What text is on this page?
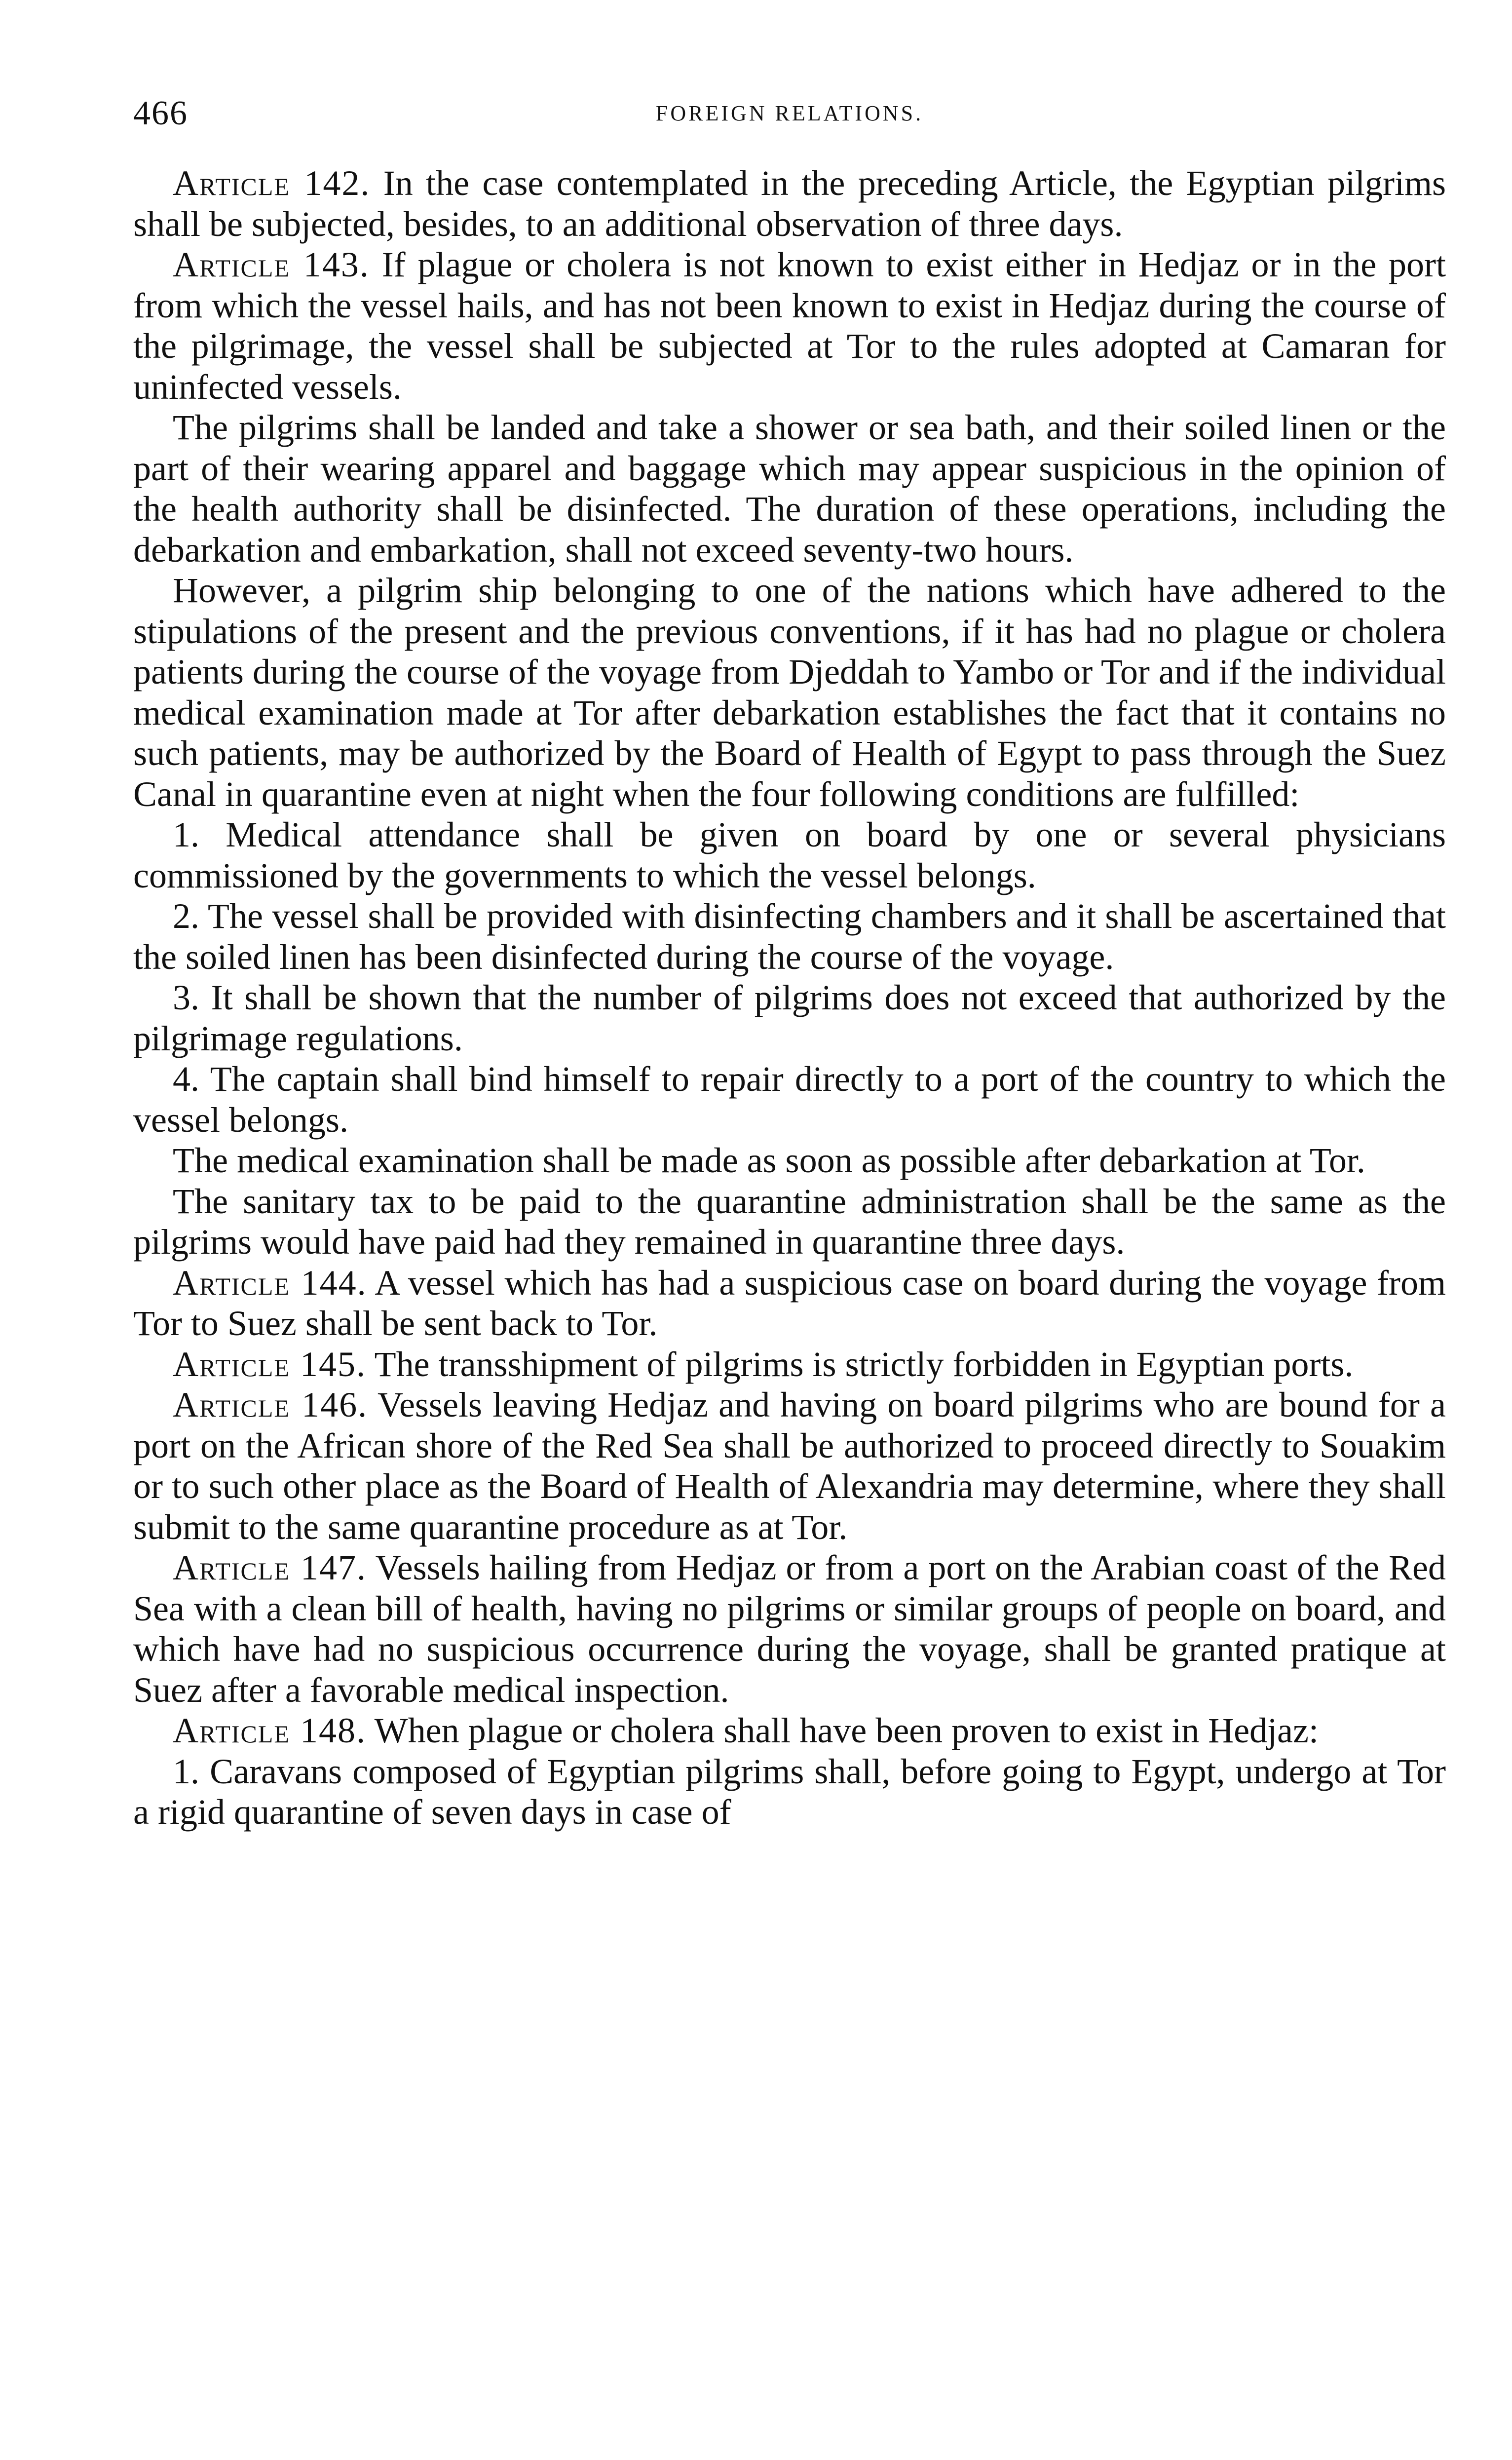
466	FOREIGN RELATIONS.

Article 142. In the case contemplated in the preceding Article, the Egyptian pilgrims shall be subjected, besides, to an additional observation of three days.

Article 143. If plague or cholera is not known to exist either in Hedjaz or in the port from which the vessel hails, and has not been known to exist in Hedjaz during the course of the pilgrimage, the vessel shall be subjected at Tor to the rules adopted at Camaran for uninfected vessels.

The pilgrims shall be landed and take a shower or sea bath, and their soiled linen or the part of their wearing apparel and baggage which may appear suspicious in the opinion of the health authority shall be disinfected. The duration of these operations, including the debarkation and embarkation, shall not exceed seventy-two hours.

However, a pilgrim ship belonging to one of the nations which have adhered to the stipulations of the present and the previous conventions, if it has had no plague or cholera patients during the course of the voyage from Djeddah to Yambo or Tor and if the individual medical examination made at Tor after debarkation establishes the fact that it contains no such patients, may be authorized by the Board of Health of Egypt to pass through the Suez Canal in quarantine even at night when the four following conditions are fulfilled:

1. Medical attendance shall be given on board by one or several physicians commissioned by the governments to which the vessel belongs.

2. The vessel shall be provided with disinfecting chambers and it shall be ascertained that the soiled linen has been disinfected during the course of the voyage.

3. It shall be shown that the number of pilgrims does not exceed that authorized by the pilgrimage regulations.

4. The captain shall bind himself to repair directly to a port of the country to which the vessel belongs.

The medical examination shall be made as soon as possible after debarkation at Tor.

The sanitary tax to be paid to the quarantine administration shall be the same as the pilgrims would have paid had they remained in quarantine three days.

Article 144. A vessel which has had a suspicious case on board during the voyage from Tor to Suez shall be sent back to Tor.

Article 145. The transshipment of pilgrims is strictly forbidden in Egyptian ports.

Article 146. Vessels leaving Hedjaz and having on board pilgrims who are bound for a port on the African shore of the Red Sea shall be authorized to proceed directly to Souakim or to such other place as the Board of Health of Alexandria may determine, where they shall submit to the same quarantine procedure as at Tor.

Article 147. Vessels hailing from Hedjaz or from a port on the Arabian coast of the Red Sea with a clean bill of health, having no pilgrims or similar groups of people on board, and which have had no suspicious occurrence during the voyage, shall be granted pratique at Suez after a favorable medical inspection.

Article 148. When plague or cholera shall have been proven to exist in Hedjaz:

1. Caravans composed of Egyptian pilgrims shall, before going to Egypt, undergo at Tor a rigid quarantine of seven days in case of
